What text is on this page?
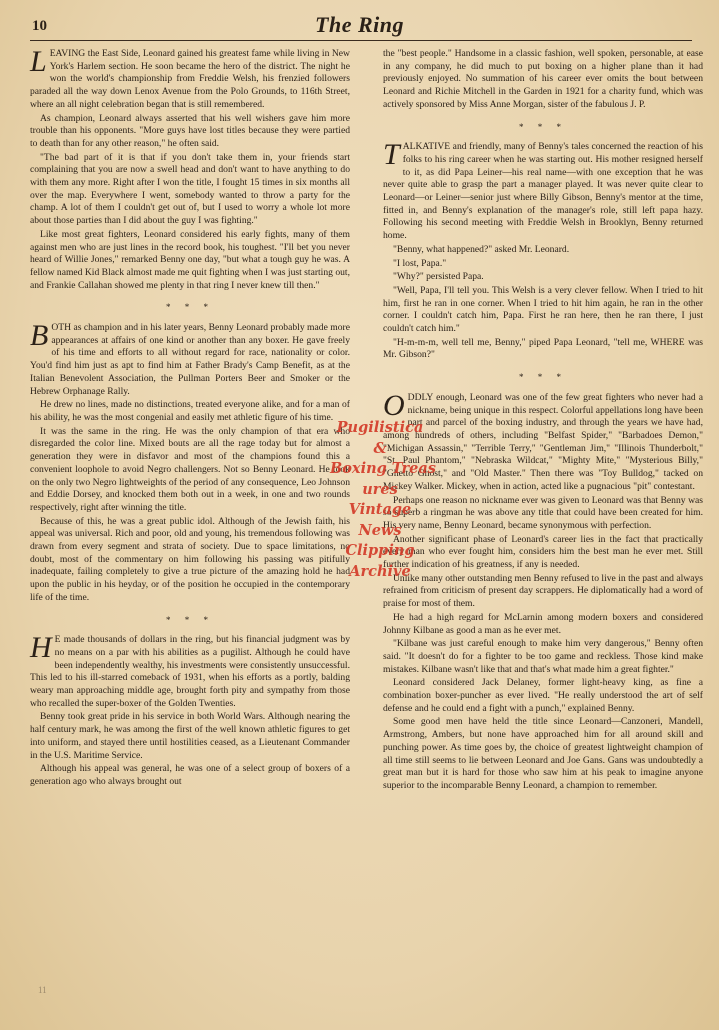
10	The Ring

LEAVING the East Side, Leonard gained his greatest fame while living in New York's Harlem section. He soon became the hero of the district. The night he won the world's championship from Freddie Welsh, his frenzied followers paraded all the way down Lenox Avenue from the Polo Grounds, to 116th Street, where an all night celebration began that is still remembered.

As champion, Leonard always asserted that his well wishers gave him more trouble than his opponents. "More guys have lost titles because they were partied to death than for any other reason," he often said.

"The bad part of it is that if you don't take them in, your friends start complaining that you are now a swell head and don't want to have anything to do with them any more. Right after I won the title, I fought 15 times in six months all over the map. Everywhere I went, somebody wanted to throw a party for the champ. A lot of them I couldn't get out of, but I used to worry a whole lot more about those parties than I did about the guy I was fighting."

Like most great fighters, Leonard considered his early fights, many of them against men who are just lines in the record book, his toughest. "I'll bet you never heard of Willie Jones," remarked Benny one day, "but what a tough guy he was. A fellow named Kid Black almost made me quit fighting when I was just starting out, and Frankie Callahan showed me plenty in that ring I never knew till then."

* * *

BOTH as champion and in his later years, Benny Leonard probably made more appearances at affairs of one kind or another than any boxer. He gave freely of his time and efforts to all without regard for race, nationality or color. You'd find him just as apt to find him at Father Brady's Camp Benefit, as at the Italian Benevolent Association, the Pullman Porters Beer and Smoker or the Hebrew Orphanage Rally.

He drew no lines, made no distinctions, treated everyone alike, and for a man of his ability, he was the most congenial and easily met athletic figure of his time.

It was the same in the ring. He was the only champion of that era who disregarded the color line. Mixed bouts are all the rage today but for almost a generation they were in disfavor and most of the champions found this a convenient loophole to avoid Negro challengers. Not so Benny Leonard. He took on the only two Negro lightweights of the period of any consequence, Leo Johnson and Eddie Dorsey, and knocked them both out in a week, in one and two rounds respectively, right after winning the title.

Because of this, he was a great public idol. Although of the Jewish faith, his appeal was universal. Rich and poor, old and young, his tremendous following was drawn from every segment and strata of society. Due to space limitations, no doubt, most of the commentary on him following his passing was pitifully inadequate, failing completely to give a true picture of the amazing hold he had upon the public in his heyday, or of the position he occupied in the contemporary life of the time.

* * *

H E made thousands of dollars in the ring, but his financial judgment was by no means on a par with his abilities as a pugilist. Although he could have been independently wealthy, his investments were consistently unsuccessful. This led to his ill-starred comeback of 1931, when his efforts as a portly, balding weary man approaching middle age, brought forth pity and sympathy from those who recalled the super-boxer of the Golden Twenties.

Benny took great pride in his service in both World Wars. Although nearing the half century mark, he was among the first of the well known athletic figures to get into uniform, and stayed there until hostilities ceased, as a Lieutenant Commander in the U.S. Maritime Service.

Although his appeal was general, he was one of a select group of boxers of a generation ago who always brought out

the "best people." Handsome in a classic fashion, well spoken, personable, at ease in any company, he did much to put boxing on a higher plane than it had previously enjoyed. No summation of his career ever omits the bout between Leonard and Richie Mitchell in the Garden in 1921 for a charity fund, which was actively sponsored by Miss Anne Morgan, sister of the fabulous J. P.

* * *

TALKATIVE and friendly, many of Benny's tales concerned the reaction of his folks to his ring career when he was starting out. His mother resigned herself to it, as did Papa Leiner—his real name—with one exception that he was never quite able to grasp the part a manager played. It was never quite clear to Leonard—or Leiner—senior just where Billy Gibson, Benny's mentor at the time, fitted in, and Benny's explanation of the manager's role, still left papa hazy. Following his second meeting with Freddie Welsh in Brooklyn, Benny returned home.

"Benny, what happened?" asked Mr. Leonard.

"I lost, Papa."

"Why?" persisted Papa.

"Well, Papa, I'll tell you. This Welsh is a very clever fellow. When I tried to hit him, first he ran in one corner. When I tried to hit him again, he ran in the other corner. I couldn't catch him, Papa. First he ran here, then he ran there, I just couldn't catch him."

"H-m-m-m, well tell me, Benny," piped Papa Leonard, "tell me, WHERE was Mr. Gibson?"

* * *

ODDLY enough, Leonard was one of the few great fighters who never had a nickname, being unique in this respect. Colorful appellations long have been part and parcel of the boxing industry, and through the years we have had, among hundreds of others, including "Belfast Spider," "Barbadoes Demon," "Michigan Assassin," "Terrible Terry," "Gentleman Jim," "Illinois Thunderbolt," "St. Paul Phantom," "Nebraska Wildcat," "Mighty Mite," "Mysterious Billy," "Ghetto Ghost," and "Old Master." Then there was "Toy Bulldog," tacked on Mickey Walker. Mickey, when in action, acted like a pugnacious "pit" contestant.

Perhaps one reason no nickname ever was given to Leonard was that Benny was so superb a ringman he was above any title that could have been created for him. His very name, Benny Leonard, became synonymous with perfection.

Another significant phase of Leonard's career lies in the fact that practically every man who ever fought him, considers him the best man he ever met. Still further indication of his greatness, if any is needed.

Unlike many other outstanding men Benny refused to live in the past and always refrained from criticism of present day scrappers. He diplomatically had a word of praise for most of them.

He had a high regard for McLarnin among modern boxers and considered Johnny Kilbane as good a man as he ever met.

"Kilbane was just careful enough to make him very dangerous," Benny often said. "It doesn't do for a fighter to be too game and reckless. Those kind make mistakes. Kilbane wasn't like that and that's what made him a great fighter."

Leonard considered Jack Delaney, former light-heavy king, as fine a combination boxer-puncher as ever lived. "He really understood the art of self defense and he could end a fight with a punch," explained Benny.

Some good men have held the title since Leonard—Canzoneri, Mandell, Armstrong, Ambers, but none have approached him for all around skill and punching power. As time goes by, the choice of greatest lightweight champion of all time still seems to lie between Leonard and Joe Gans. Gans was undoubtedly a great man but it is hard for those who saw him at his peak to imagine anyone superior to the incomparable Benny Leonard, a champion to remember.

Pugilistica
&
Boxing Treas
ures
Vintage
News
Clipping
Archive
11
